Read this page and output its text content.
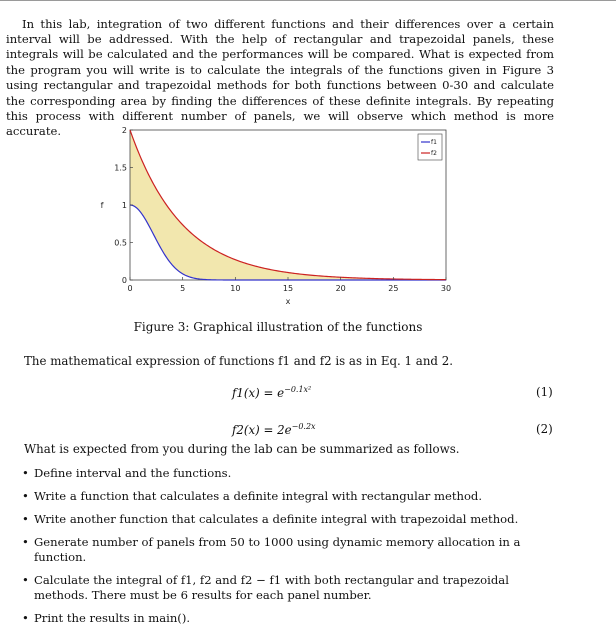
In this lab, integration of two different functions and their differences over a certain interval will be addressed. With the help of rectangular and trapezoidal panels, these integrals will be calculated and the performances will be compared. What is expected from the program you will write is to calculate the integrals of the functions given in Figure 3 using rectangular and trapezoidal methods for both functions between 0-30 and calculate the corresponding area by finding the differences of these definite integrals. By repeating this process with different number of panels, we will observe which method is more accurate.

0	5	10	15	20	25	30
0
0.5
1
1.5
2
x
f
f1
f2
Figure 3: Graphical illustration of the functions
The mathematical expression of functions f1 and f2 is as in Eq. 1 and 2.
$f1(x) = e^{-0.1x^2}$	(1)
$f2(x) = 2e^{-0.2x}$	(2)
What is expected from you during the lab can be summarized as follows.
• Define interval and the functions.
• Write a function that calculates a definite integral with rectangular method.
• Write another function that calculates a definite integral with trapezoidal method.
• Generate number of panels from 50 to 1000 using dynamic memory allocation in a function.
• Calculate the integral of f1, f2 and f2 − f1 with both rectangular and trapezoidal methods. There must be 6 results for each panel number.
• Print the results in main().
